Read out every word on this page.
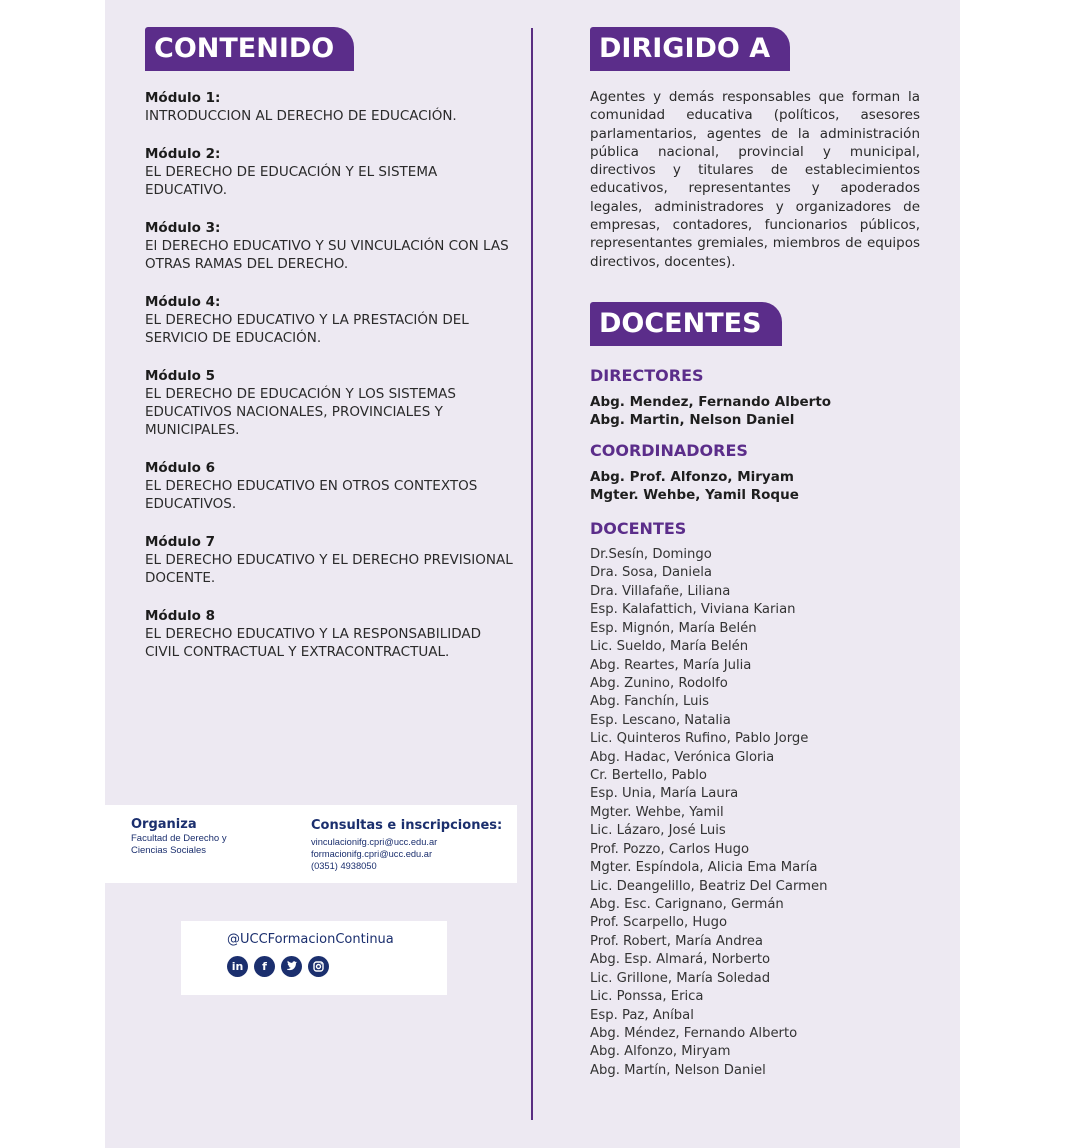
CONTENIDO
Módulo 1:
INTRODUCCION AL DERECHO DE EDUCACIÓN.
Módulo 2:
EL DERECHO DE EDUCACIÓN Y EL SISTEMA EDUCATIVO.
Módulo 3:
El DERECHO EDUCATIVO Y SU VINCULACIÓN CON LAS OTRAS RAMAS DEL DERECHO.
Módulo 4:
EL DERECHO EDUCATIVO Y LA PRESTACIÓN DEL SERVICIO DE EDUCACIÓN.
Módulo 5
EL DERECHO DE EDUCACIÓN Y LOS SISTEMAS EDUCATIVOS NACIONALES, PROVINCIALES Y MUNICIPALES.
Módulo 6
EL DERECHO EDUCATIVO EN OTROS CONTEXTOS EDUCATIVOS.
Módulo 7
EL DERECHO EDUCATIVO Y EL DERECHO PREVISIONAL DOCENTE.
Módulo 8
EL DERECHO EDUCATIVO Y LA RESPONSABILIDAD CIVIL CONTRACTUAL Y EXTRACONTRACTUAL.
Organiza
Facultad de Derecho y
Ciencias Sociales
Consultas e inscripciones:
vinculacionifg.cpri@ucc.edu.ar
formacionifg.cpri@ucc.edu.ar
(0351) 4938050
@UCCFormacionContinua
in	f
DIRIGIDO A
Agentes y demás responsables que forman la comunidad educativa (políticos, asesores parlamentarios, agentes de la administración pública nacional, provincial y municipal, directivos y titulares de establecimientos educativos, representantes y apoderados legales, administradores y organizadores de empresas, contadores, funcionarios públicos, representantes gremiales, miembros de equipos directivos, docentes).
DOCENTES
DIRECTORES
Abg. Mendez, Fernando Alberto
Abg. Martin, Nelson Daniel
COORDINADORES
Abg. Prof. Alfonzo, Miryam
Mgter. Wehbe, Yamil Roque
DOCENTES
Dr.Sesín, Domingo
Dra. Sosa, Daniela
Dra. Villafañe, Liliana
Esp. Kalafattich, Viviana Karian
Esp. Mignón, María Belén
Lic. Sueldo, María Belén
Abg. Reartes, María Julia
Abg. Zunino, Rodolfo
Abg. Fanchín, Luis
Esp. Lescano, Natalia
Lic. Quinteros Rufino, Pablo Jorge
Abg. Hadac, Verónica Gloria
Cr. Bertello, Pablo
Esp. Unia, María Laura
Mgter. Wehbe, Yamil
Lic. Lázaro, José Luis
Prof. Pozzo, Carlos Hugo
Mgter. Espíndola, Alicia Ema María
Lic. Deangelillo, Beatriz Del Carmen
Abg. Esc. Carignano, Germán
Prof. Scarpello, Hugo
Prof. Robert, María Andrea
Abg. Esp. Almará, Norberto
Lic. Grillone, María Soledad
Lic. Ponssa, Erica
Esp. Paz, Aníbal
Abg. Méndez, Fernando Alberto
Abg. Alfonzo, Miryam
Abg. Martín, Nelson Daniel
